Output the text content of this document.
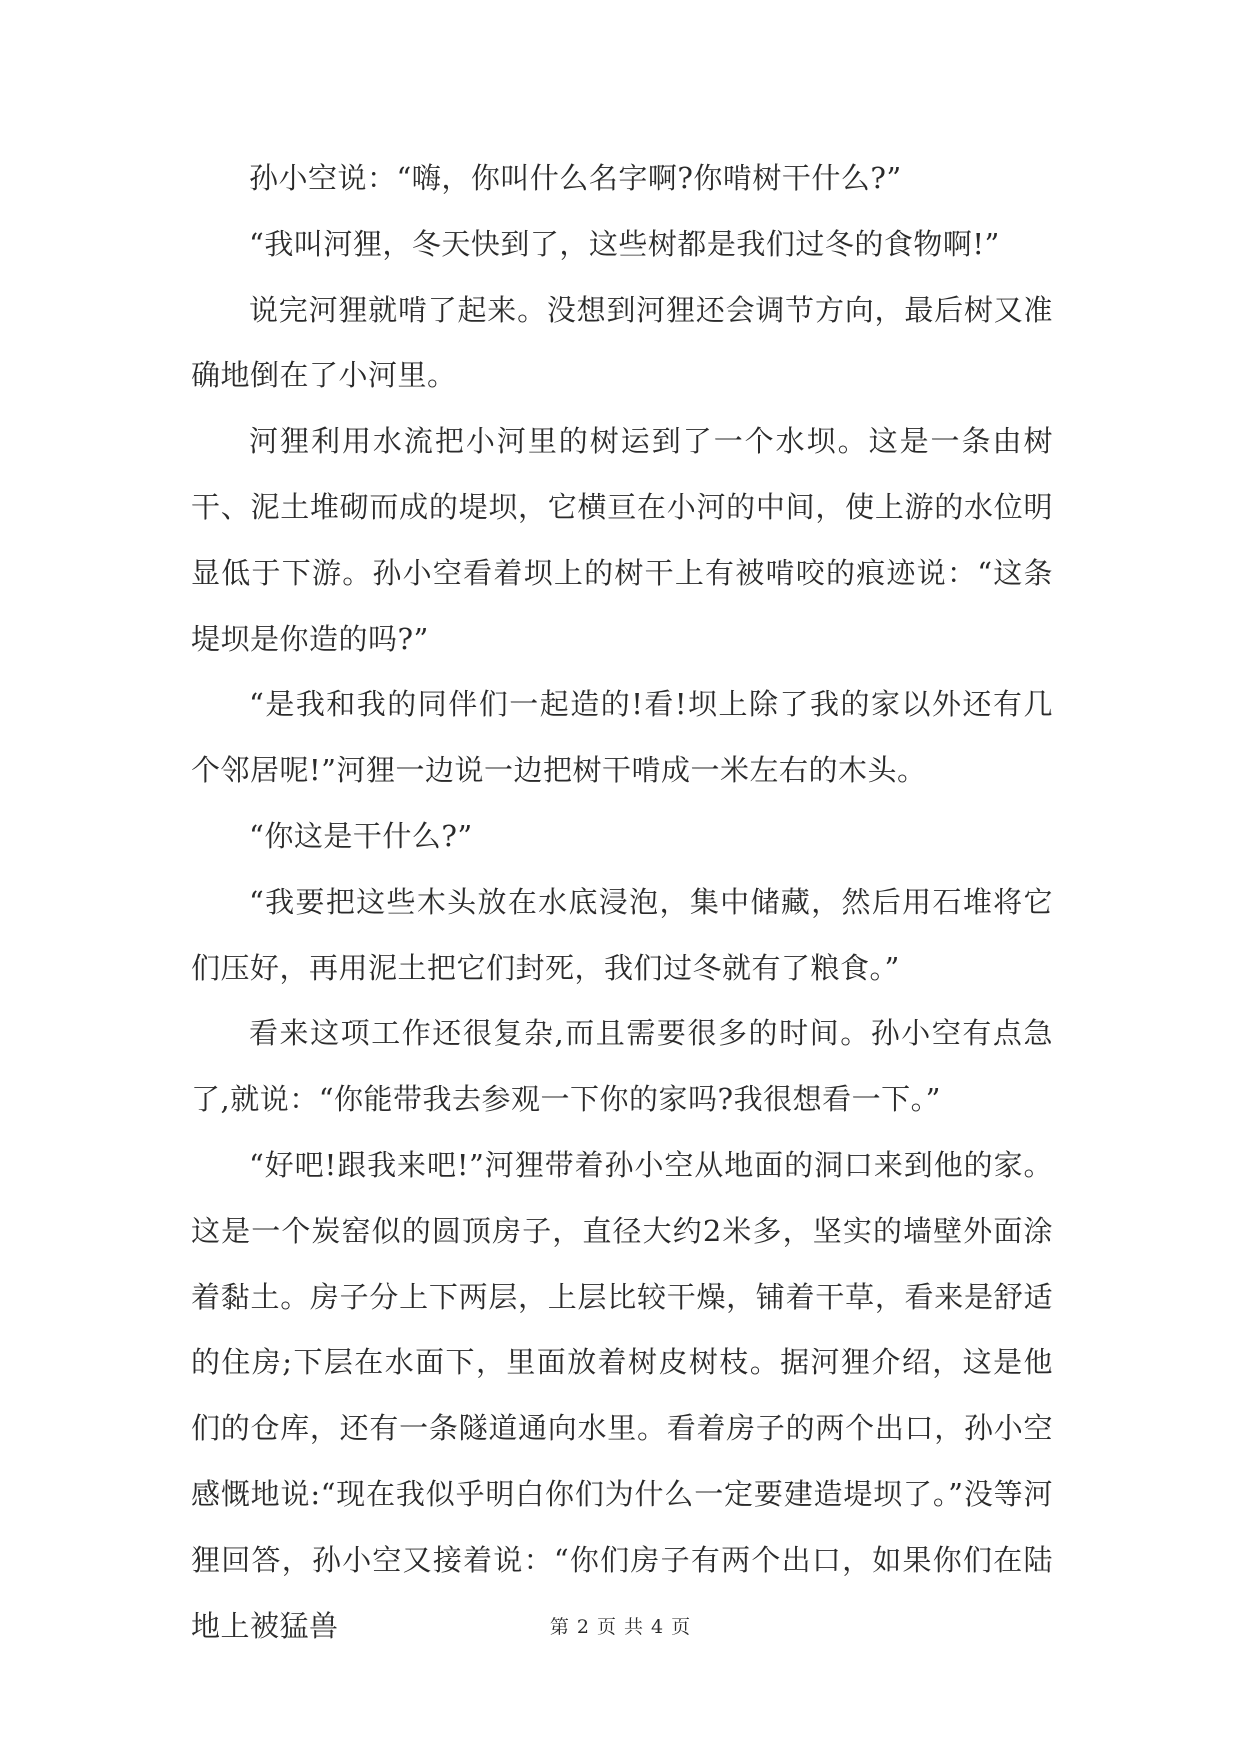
孙小空说：“嗨，你叫什么名字啊?你啃树干什么?”

“我叫河狸，冬天快到了，这些树都是我们过冬的食物啊!”

说完河狸就啃了起来。没想到河狸还会调节方向，最后树又准确地倒在了小河里。

河狸利用水流把小河里的树运到了一个水坝。这是一条由树干、泥土堆砌而成的堤坝，它横亘在小河的中间，使上游的水位明显低于下游。孙小空看着坝上的树干上有被啃咬的痕迹说：“这条堤坝是你造的吗?”

“是我和我的同伴们一起造的!看!坝上除了我的家以外还有几个邻居呢!”河狸一边说一边把树干啃成一米左右的木头。

“你这是干什么?”

“我要把这些木头放在水底浸泡，集中储藏，然后用石堆将它们压好，再用泥土把它们封死，我们过冬就有了粮食。”

看来这项工作还很复杂,而且需要很多的时间。孙小空有点急了,就说：“你能带我去参观一下你的家吗?我很想看一下。”

“好吧!跟我来吧!”河狸带着孙小空从地面的洞口来到他的家。这是一个炭窑似的圆顶房子，直径大约2米多，坚实的墙壁外面涂着黏土。房子分上下两层，上层比较干燥，铺着干草，看来是舒适的住房;下层在水面下，里面放着树皮树枝。据河狸介绍，这是他们的仓库，还有一条隧道通向水里。看着房子的两个出口，孙小空感慨地说:“现在我似乎明白你们为什么一定要建造堤坝了。”没等河狸回答，孙小空又接着说：“你们房子有两个出口，如果你们在陆地上被猛兽	第 2 页 共 4 页
